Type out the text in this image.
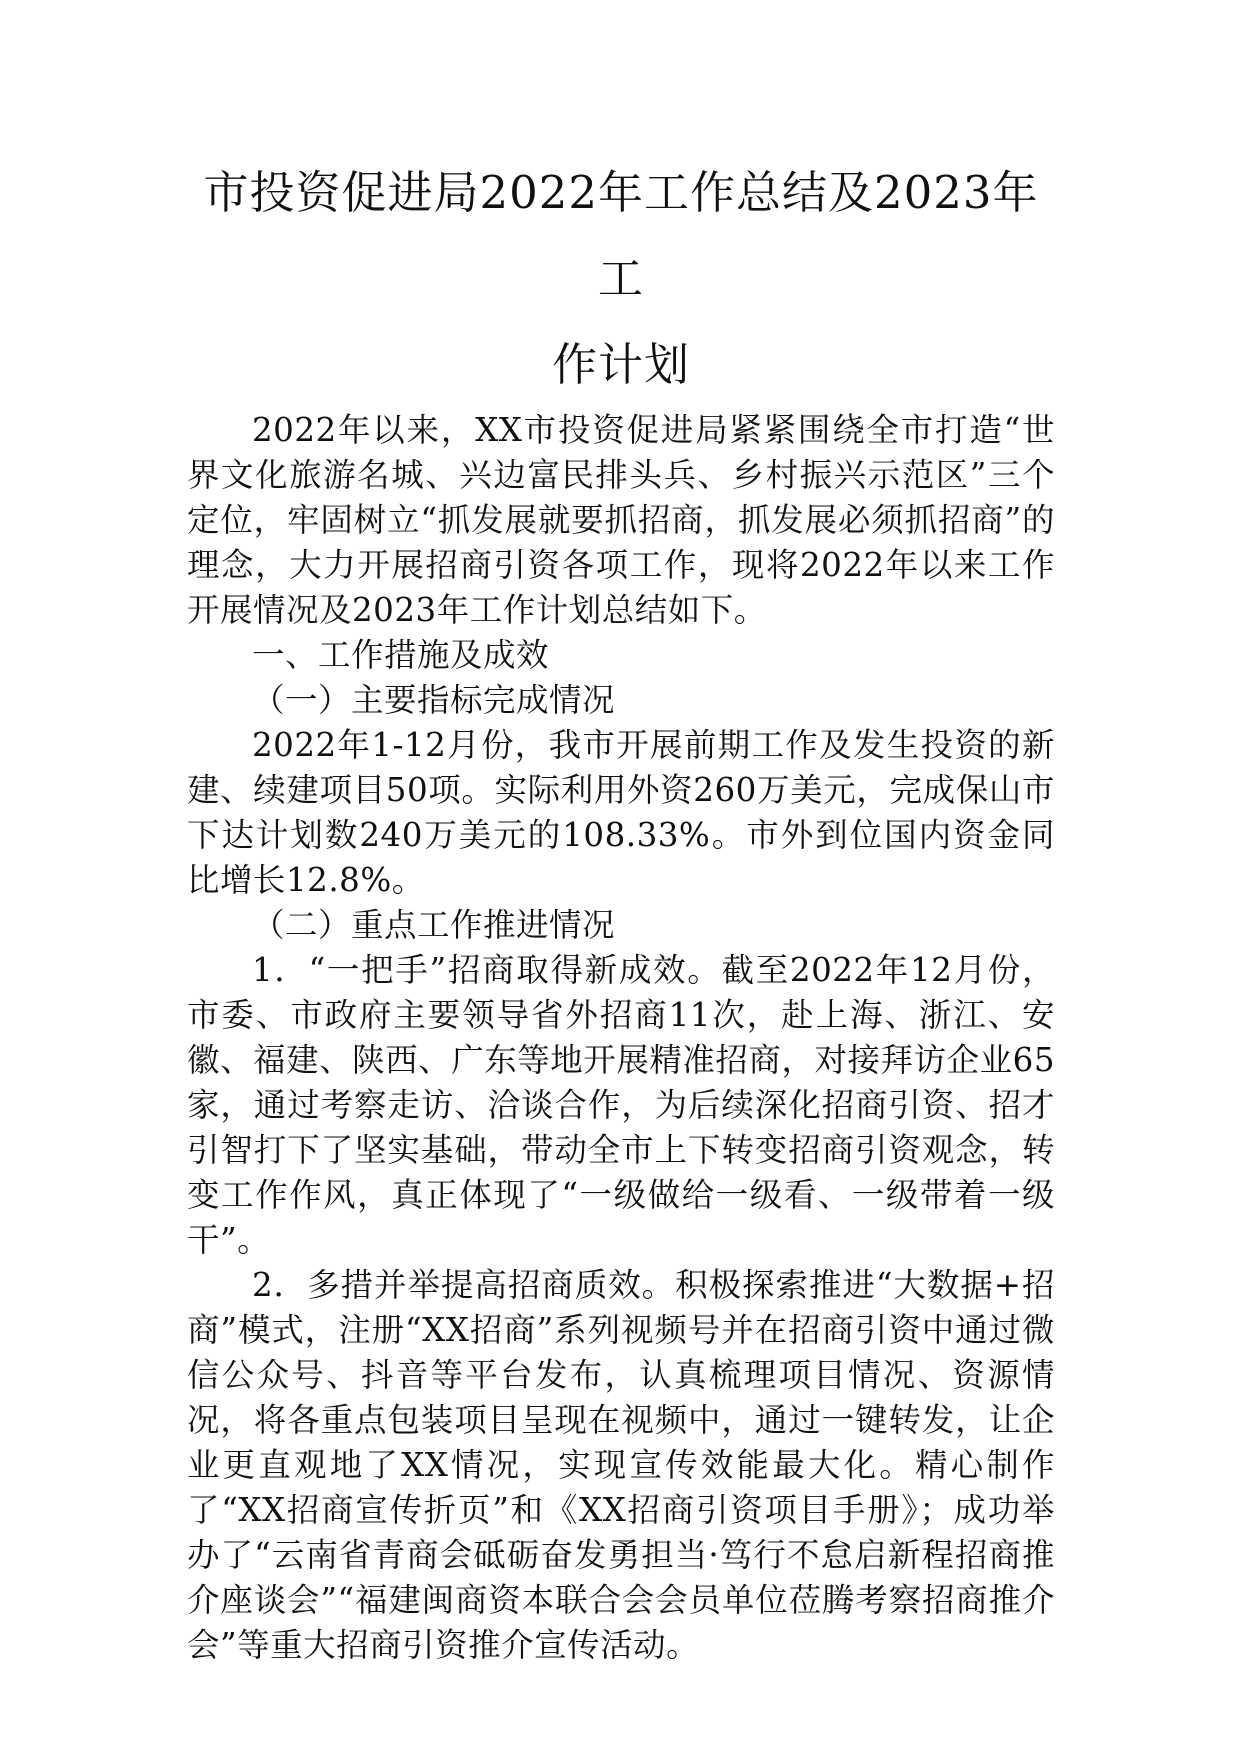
市投资促进局2022年工作总结及2023年工
作计划

2022年以来，XX市投资促进局紧紧围绕全市打造“世界文化旅游名城、兴边富民排头兵、乡村振兴示范区”三个定位，牢固树立“抓发展就要抓招商，抓发展必须抓招商”的理念，大力开展招商引资各项工作，现将2022年以来工作开展情况及2023年工作计划总结如下。

一、工作措施及成效

（一）主要指标完成情况

2022年1-12月份，我市开展前期工作及发生投资的新建、续建项目50项。实际利用外资260万美元，完成保山市下达计划数240万美元的108.33%。市外到位国内资金同比增长12.8%。

（二）重点工作推进情况

1．“一把手”招商取得新成效。截至2022年12月份，市委、市政府主要领导省外招商11次，赴上海、浙江、安徽、福建、陕西、广东等地开展精准招商，对接拜访企业65家，通过考察走访、洽谈合作，为后续深化招商引资、招才引智打下了坚实基础，带动全市上下转变招商引资观念，转变工作作风，真正体现了“一级做给一级看、一级带着一级干”。

2．多措并举提高招商质效。积极探索推进“大数据+招商”模式，注册“XX招商”系列视频号并在招商引资中通过微信公众号、抖音等平台发布，认真梳理项目情况、资源情况，将各重点包装项目呈现在视频中，通过一键转发，让企业更直观地了XX情况，实现宣传效能最大化。精心制作了“XX招商宣传折页”和《XX招商引资项目手册》；成功举办了“云南省青商会砥砺奋发勇担当·笃行不怠启新程招商推介座谈会”“福建闽商资本联合会会员单位莅腾考察招商推介会”等重大招商引资推介宣传活动。
